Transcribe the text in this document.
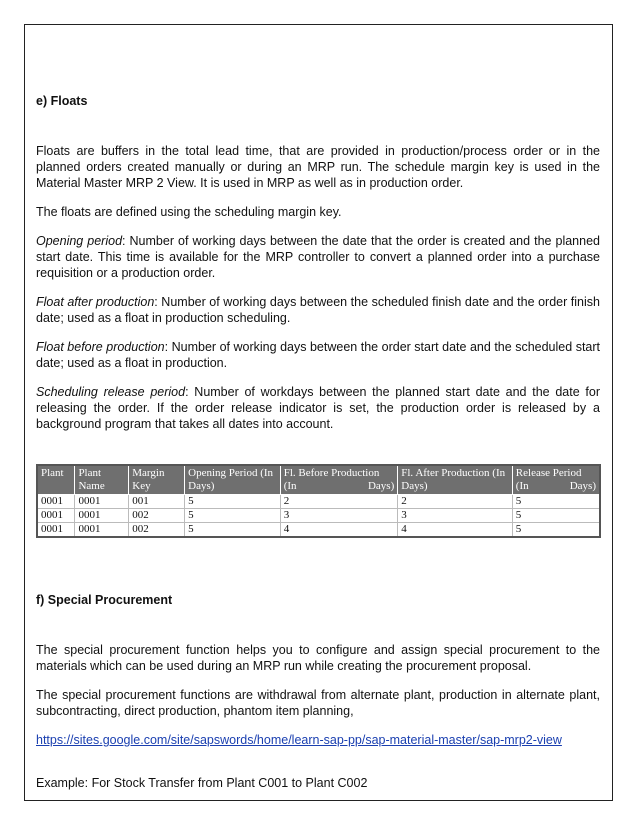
e) Floats

Floats are buffers in the total lead time, that are provided in production/process order or in the planned orders created manually or during an MRP run. The schedule margin key is used in the Material Master MRP 2 View. It is used in MRP as well as in production order.

The floats are defined using the scheduling margin key.

Opening period: Number of working days between the date that the order is created and the planned start date. This time is available for the MRP controller to convert a planned order into a purchase requisition or a production order.

Float after production: Number of working days between the scheduled finish date and the order finish date; used as a float in production scheduling.

Float before production: Number of working days between the order start date and the scheduled start date; used as a float in production.

Scheduling release period: Number of workdays between the planned start date and the date for releasing the order. If the order release indicator is set, the production order is released by a background program that takes all dates into account.

Plant	Plant Name	Margin Key	Opening Period (In Days)	Fl. Before Production (In Days)	Fl. After Production (In Days)	Release Period (In Days)
0001	0001	001	5	2	2	5
0001	0001	002	5	3	3	5
0001	0001	002	5	4	4	5
f) Special Procurement

The special procurement function helps you to configure and assign special procurement to the materials which can be used during an MRP run while creating the procurement proposal.

The special procurement functions are withdrawal from alternate plant, production in alternate plant, subcontracting, direct production, phantom item planning,

https://sites.google.com/site/sapswords/home/learn-sap-pp/sap-material-master/sap-mrp2-view

Example: For Stock Transfer from Plant C001 to Plant C002
